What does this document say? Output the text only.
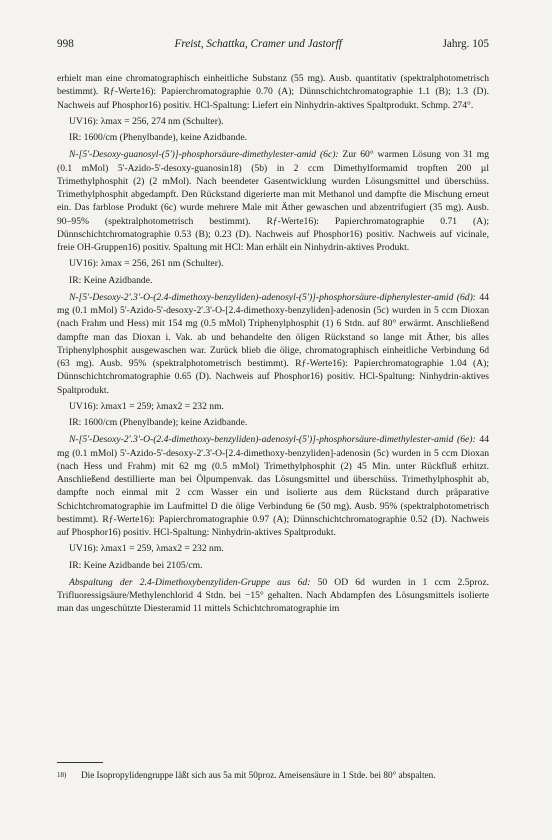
998	Freist, Schattka, Cramer und Jastorff	Jahrg. 105

erhielt man eine chromatographisch einheitliche Substanz (55 mg). Ausb. quantitativ (spektralphotometrisch bestimmt). Rƒ-Werte16): Papierchromatographie 0.70 (A); Dünnschichtchromatographie 1.1 (B); 1.3 (D). Nachweis auf Phosphor16) positiv. HCl-Spaltung: Liefert ein Ninhydrin-aktives Spaltprodukt. Schmp. 274°.

UV16): λmax = 256, 274 nm (Schulter).

IR: 1600/cm (Phenylbande), keine Azidbande.

N-[5'-Desoxy-guanosyl-(5')]-phosphorsäure-dimethylester-amid (6c): Zur 60° warmen Lösung von 31 mg (0.1 mMol) 5'-Azido-5'-desoxy-guanosin18) (5b) in 2 ccm Dimethylformamid tropften 200 µl Trimethylphosphit (2) (2 mMol). Nach beendeter Gasentwicklung wurden Lösungsmittel und überschüss. Trimethylphosphit abgedampft. Den Rückstand digerierte man mit Methanol und dampfte die Mischung erneut ein. Das farblose Produkt (6c) wurde mehrere Male mit Äther gewaschen und abzentrifugiert (35 mg). Ausb. 90–95% (spektralphotometrisch bestimmt). Rƒ-Werte16): Papierchromatographie 0.71 (A); Dünnschichtchromatographie 0.53 (B); 0.23 (D). Nachweis auf Phosphor16) positiv. Nachweis auf vicinale, freie OH-Gruppen16) positiv. Spaltung mit HCl: Man erhält ein Ninhydrin-aktives Produkt.

UV16): λmax = 256, 261 nm (Schulter).

IR: Keine Azidbande.

N-[5'-Desoxy-2'.3'-O-(2.4-dimethoxy-benzyliden)-adenosyl-(5')]-phosphorsäure-diphenylester-amid (6d): 44 mg (0.1 mMol) 5'-Azido-5'-desoxy-2'.3'-O-[2.4-dimethoxy-benzyliden]-adenosin (5c) wurden in 5 ccm Dioxan (nach Frahm und Hess) mit 154 mg (0.5 mMol) Triphenylphosphit (1) 6 Stdn. auf 80° erwärmt. Anschließend dampfte man das Dioxan i. Vak. ab und behandelte den öligen Rückstand so lange mit Äther, bis alles Triphenylphosphit ausgewaschen war. Zurück blieb die ölige, chromatographisch einheitliche Verbindung 6d (63 mg). Ausb. 95% (spektralphotometrisch bestimmt). Rƒ-Werte16): Papierchromatographie 1.04 (A); Dünnschichtchromatographie 0.65 (D). Nachweis auf Phosphor16) positiv. HCl-Spaltung: Ninhydrin-aktives Spaltprodukt.

UV16): λmax1 = 259; λmax2 = 232 nm.

IR: 1600/cm (Phenylbande); keine Azidbande.

N-[5'-Desoxy-2'.3'-O-(2.4-dimethoxy-benzyliden)-adenosyl-(5')]-phosphorsäure-dimethylester-amid (6e): 44 mg (0.1 mMol) 5'-Azido-5'-desoxy-2'.3'-O-[2.4-dimethoxy-benzyliden]-adenosin (5c) wurden in 5 ccm Dioxan (nach Hess und Frahm) mit 62 mg (0.5 mMol) Trimethylphosphit (2) 45 Min. unter Rückfluß erhitzt. Anschließend destillierte man bei Ölpumpenvak. das Lösungsmittel und überschüss. Trimethylphosphit ab, dampfte noch einmal mit 2 ccm Wasser ein und isolierte aus dem Rückstand durch präparative Schichtchromatographie im Laufmittel D die ölige Verbindung 6e (50 mg). Ausb. 95% (spektralphotometrisch bestimmt). Rƒ-Werte16): Papierchromatographie 0.97 (A); Dünnschichtchromatographie 0.52 (D). Nachweis auf Phosphor16) positiv. HCl-Spaltung: Ninhydrin-aktives Spaltprodukt.

UV16): λmax1 = 259, λmax2 = 232 nm.

IR: Keine Azidbande bei 2105/cm.

Abspaltung der 2.4-Dimethoxybenzyliden-Gruppe aus 6d: 50 OD 6d wurden in 1 ccm 2.5proz. Trifluoressigsäure/Methylenchlorid 4 Stdn. bei −15° gehalten. Nach Abdampfen des Lösungsmittels isolierte man das ungeschützte Diesteramid 11 mittels Schichtchromatographie im

18)	Die Isopropylidengruppe läßt sich aus 5a mit 50proz. Ameisensäure in 1 Stde. bei 80° abspalten.
